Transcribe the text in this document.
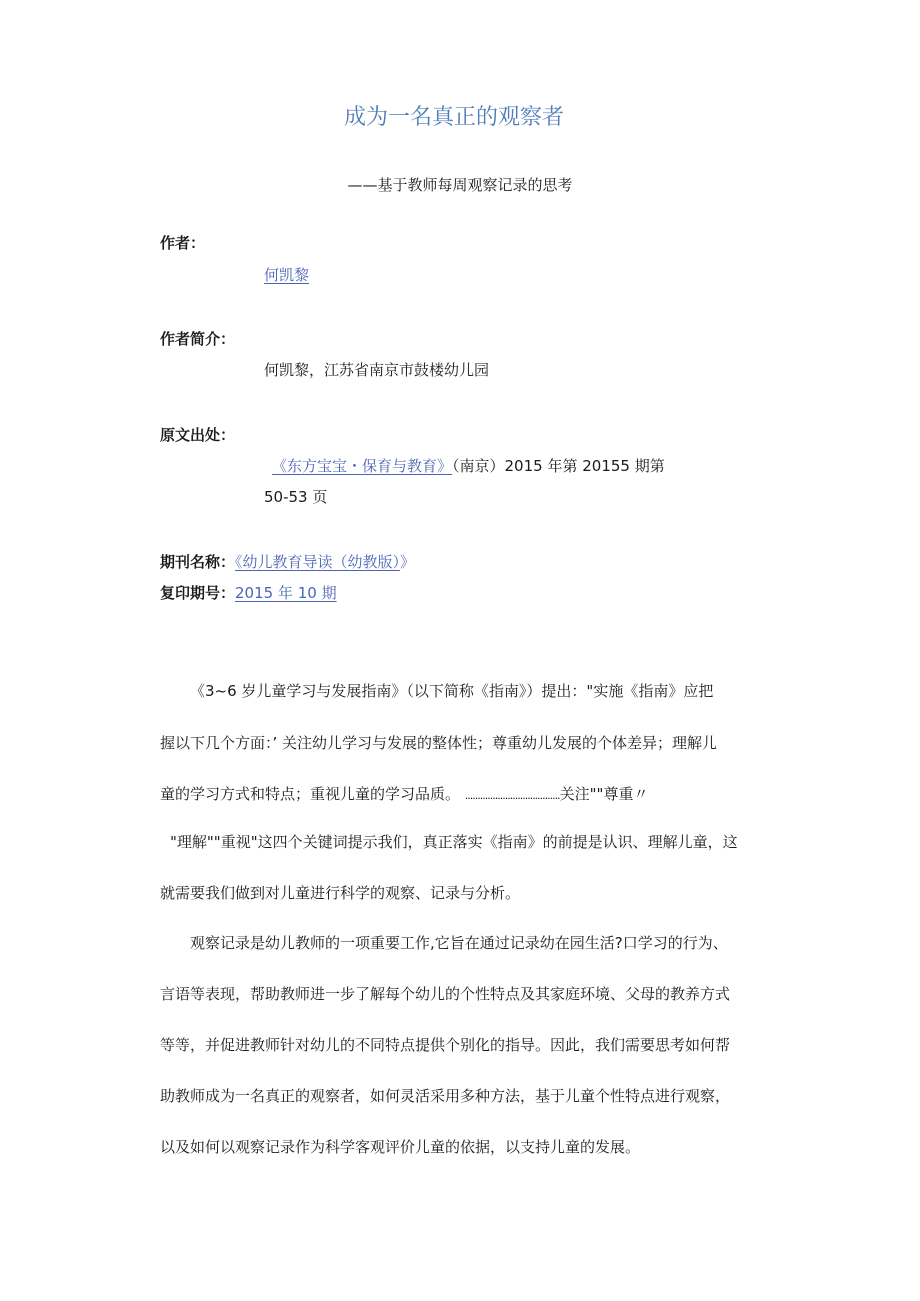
成为一名真正的观察者
——基于教师每周观察记录的思考
作者：
何凯黎
作者简介：
何凯黎，江苏省南京市鼓楼幼儿园
原文出处：
《东方宝宝・保育与教育》（南京）2015 年第 20155 期第
50-53 页
期刊名称：《幼儿教育导读（幼教版）》
复印期号：2015 年 10 期
《3~6 岁儿童学习与发展指南》（以下简称《指南》）提出："实施《指南》应把
握以下几个方面：’ 关注幼儿学习与发展的整体性；尊重幼儿发展的个体差异；理解儿
童的学习方式和特点；重视儿童的学习品质。 ......................................关注""尊重〃
"理解""重视"这四个关键词提示我们，真正落实《指南》的前提是认识、理解儿童，这
就需要我们做到对儿童进行科学的观察、记录与分析。
观察记录是幼儿教师的一项重要工作,它旨在通过记录幼在园生活?口学习的行为、
言语等表现，帮助教师进一步了解每个幼儿的个性特点及其家庭环境、父母的教养方式
等等，并促进教师针对幼儿的不同特点提供个别化的指导。因此，我们需要思考如何帮
助教师成为一名真正的观察者，如何灵活采用多种方法，基于儿童个性特点进行观察，
以及如何以观察记录作为科学客观评价儿童的依据，以支持儿童的发展。
